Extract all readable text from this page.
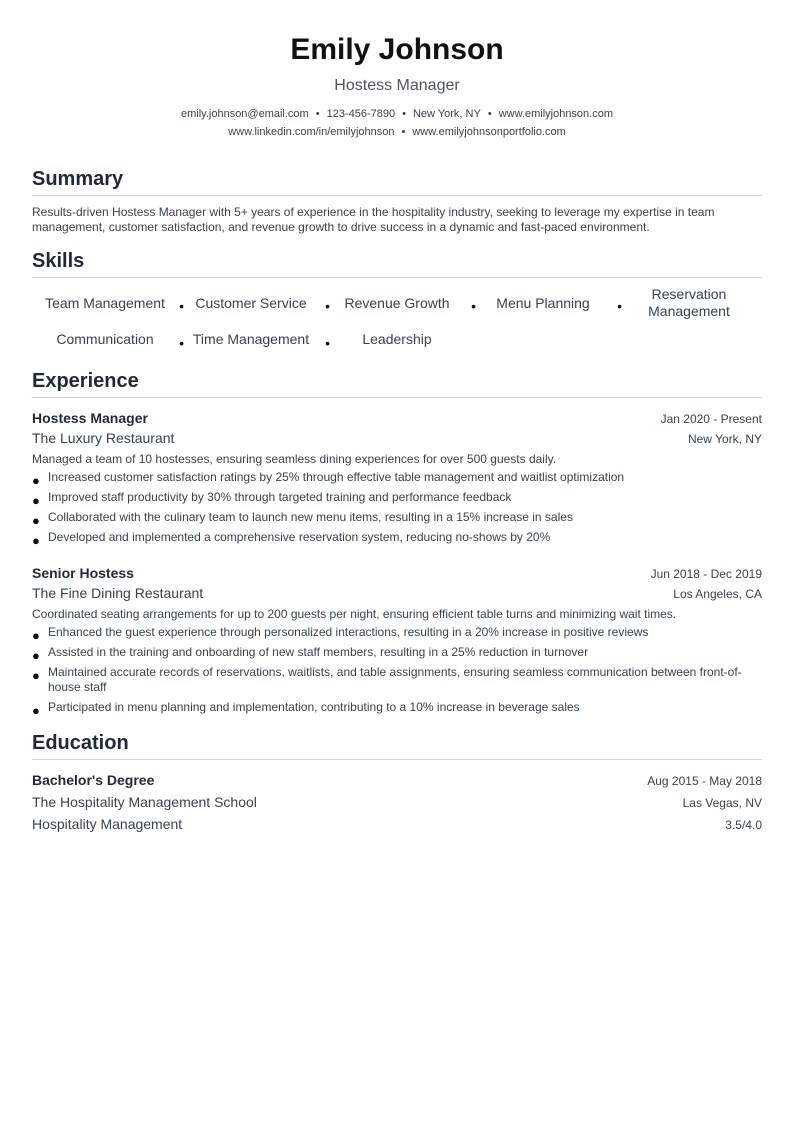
Emily Johnson
Hostess Manager
emily.johnson@email.com • 123-456-7890 • New York, NY • www.emilyjohnson.com
www.linkedin.com/in/emilyjohnson • www.emilyjohnsonportfolio.com
Summary
Results-driven Hostess Manager with 5+ years of experience in the hospitality industry, seeking to leverage my expertise in team management, customer satisfaction, and revenue growth to drive success in a dynamic and fast-paced environment.
Skills
Team Management • Customer Service • Revenue Growth • Menu Planning •
Reservation Management
Communication • Time Management • Leadership
Experience
Hostess Manager	Jan 2020 - Present
The Luxury Restaurant	New York, NY
Managed a team of 10 hostesses, ensuring seamless dining experiences for over 500 guests daily.
● Increased customer satisfaction ratings by 25% through effective table management and waitlist optimization
● Improved staff productivity by 30% through targeted training and performance feedback
● Collaborated with the culinary team to launch new menu items, resulting in a 15% increase in sales
● Developed and implemented a comprehensive reservation system, reducing no-shows by 20%
Senior Hostess	Jun 2018 - Dec 2019
The Fine Dining Restaurant	Los Angeles, CA
Coordinated seating arrangements for up to 200 guests per night, ensuring efficient table turns and minimizing wait times.
● Enhanced the guest experience through personalized interactions, resulting in a 20% increase in positive reviews
● Assisted in the training and onboarding of new staff members, resulting in a 25% reduction in turnover
● Maintained accurate records of reservations, waitlists, and table assignments, ensuring seamless communication between front-of-house staff
● Participated in menu planning and implementation, contributing to a 10% increase in beverage sales
Education
Bachelor's Degree	Aug 2015 - May 2018
The Hospitality Management School	Las Vegas, NV
Hospitality Management	3.5/4.0
